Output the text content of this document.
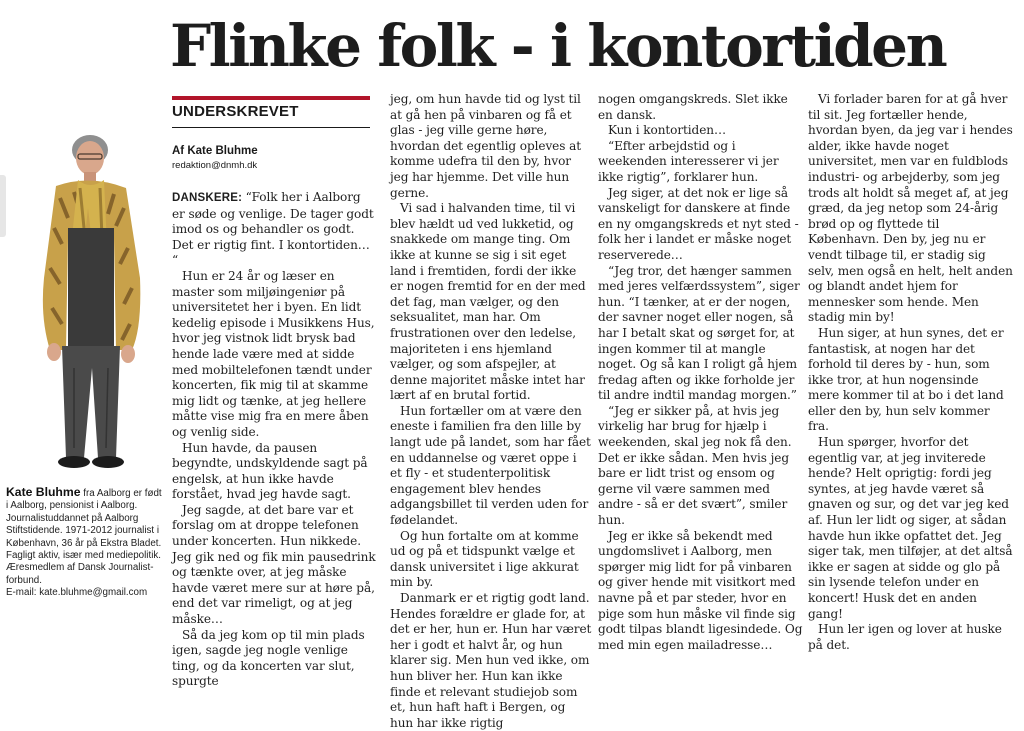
Flinke folk - i kontortiden
UNDERSKREVET
Af Kate Bluhme
redaktion@dnmh.dk
Kate Bluhme fra Aalborg er født i Aalborg, pensionist i Aalborg. Journalistuddannet på Aalborg Stiftstidende. 1971-2012 journalist i København, 36 år på Ekstra Bladet. Fagligt aktiv, især med mediepolitik. Æresmedlem af Dansk Journalist-forbund.
E-mail: kate.bluhme@gmail.com

DANSKERE: “Folk her i Aalborg er søde og venlige. De tager godt imod os og behandler os godt. Det er rigtig fint. I kontortiden… “

Hun er 24 år og læser en master som miljøingeniør på universitetet her i byen. En lidt kedelig episode i Musikkens Hus, hvor jeg vistnok lidt brysk bad hende lade være med at sidde med mobiltelefonen tændt under koncerten, fik mig til at skamme mig lidt og tænke, at jeg hellere måtte vise mig fra en mere åben og venlig side.

Hun havde, da pausen begyndte, undskyldende sagt på engelsk, at hun ikke havde forstået, hvad jeg havde sagt.

Jeg sagde, at det bare var et forslag om at droppe telefonen under koncerten. Hun nikkede. Jeg gik ned og fik min pausedrink og tænkte over, at jeg måske havde været mere sur at høre på, end det var rimeligt, og at jeg måske…

Så da jeg kom op til min plads igen, sagde jeg nogle venlige ting, og da koncerten var slut, spurgte

jeg, om hun havde tid og lyst til at gå hen på vinbaren og få et glas - jeg ville gerne høre, hvordan det egentlig opleves at komme udefra til den by, hvor jeg har hjemme. Det ville hun gerne.

Vi sad i halvanden time, til vi blev hældt ud ved lukketid, og snakkede om mange ting. Om ikke at kunne se sig i sit eget land i fremtiden, fordi der ikke er nogen fremtid for en der med det fag, man vælger, og den seksualitet, man har. Om frustrationen over den ledelse, majoriteten i ens hjemland vælger, og som afspejler, at denne majoritet måske intet har lært af en brutal fortid.

Hun fortæller om at være den eneste i familien fra den lille by langt ude på landet, som har fået en uddannelse og været oppe i et fly - et studenterpolitisk engagement blev hendes adgangsbillet til verden uden for fødelandet.

Og hun fortalte om at komme ud og på et tidspunkt vælge et dansk universitet i lige akkurat min by.

Danmark er et rigtig godt land. Hendes forældre er glade for, at det er her, hun er. Hun har været her i godt et halvt år, og hun klarer sig. Men hun ved ikke, om hun bliver her. Hun kan ikke finde et relevant studiejob som et, hun haft haft i Bergen, og hun har ikke rigtig

nogen omgangskreds. Slet ikke en dansk.

Kun i kontortiden…

“Efter arbejdstid og i weekenden interesserer vi jer ikke rigtig”, forklarer hun.

Jeg siger, at det nok er lige så vanskeligt for danskere at finde en ny omgangskreds et nyt sted - folk her i landet er måske noget reserverede…

“Jeg tror, det hænger sammen med jeres velfærdssystem”, siger hun. “I tænker, at er der nogen, der savner noget eller nogen, så har I betalt skat og sørget for, at ingen kommer til at mangle noget. Og så kan I roligt gå hjem fredag aften og ikke forholde jer til andre indtil mandag morgen.”

“Jeg er sikker på, at hvis jeg virkelig har brug for hjælp i weekenden, skal jeg nok få den. Det er ikke sådan. Men hvis jeg bare er lidt trist og ensom og gerne vil være sammen med andre - så er det svært”, smiler hun.

Jeg er ikke så bekendt med ungdomslivet i Aalborg, men spørger mig lidt for på vinbaren og giver hende mit visitkort med navne på et par steder, hvor en pige som hun måske vil finde sig godt tilpas blandt ligesindede. Og med min egen mailadresse…

Vi forlader baren for at gå hver til sit. Jeg fortæller hende, hvordan byen, da jeg var i hendes alder, ikke havde noget universitet, men var en fuldblods industri- og arbejderby, som jeg trods alt holdt så meget af, at jeg græd, da jeg netop som 24-årig brød op og flyttede til København. Den by, jeg nu er vendt tilbage til, er stadig sig selv, men også en helt, helt anden og blandt andet hjem for mennesker som hende. Men stadig min by!

Hun siger, at hun synes, det er fantastisk, at nogen har det forhold til deres by - hun, som ikke tror, at hun nogensinde mere kommer til at bo i det land eller den by, hun selv kommer fra.

Hun spørger, hvorfor det egentlig var, at jeg inviterede hende? Helt oprigtig: fordi jeg syntes, at jeg havde været så gnaven og sur, og det var jeg ked af. Hun ler lidt og siger, at sådan havde hun ikke opfattet det. Jeg siger tak, men tilføjer, at det altså ikke er sagen at sidde og glo på sin lysende telefon under en koncert! Husk det en anden gang!

Hun ler igen og lover at huske på det.
